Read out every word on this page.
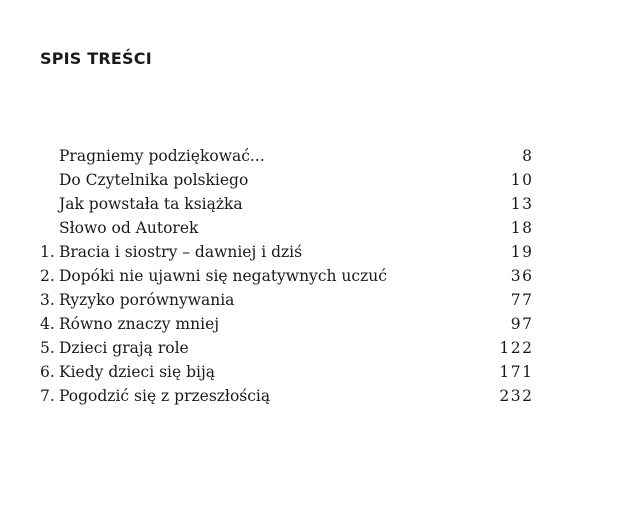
SPIS TREŚCI
Pragniemy podziękować...	8
Do Czytelnika polskiego	10
Jak powstała ta książka	13
Słowo od Autorek	18
1. Bracia i siostry – dawniej i dziś	19
2. Dopóki nie ujawni się negatywnych uczuć	36
3. Ryzyko porównywania	77
4. Równo znaczy mniej	97
5. Dzieci grają role	122
6. Kiedy dzieci się biją	171
7. Pogodzić się z przeszłością	232
